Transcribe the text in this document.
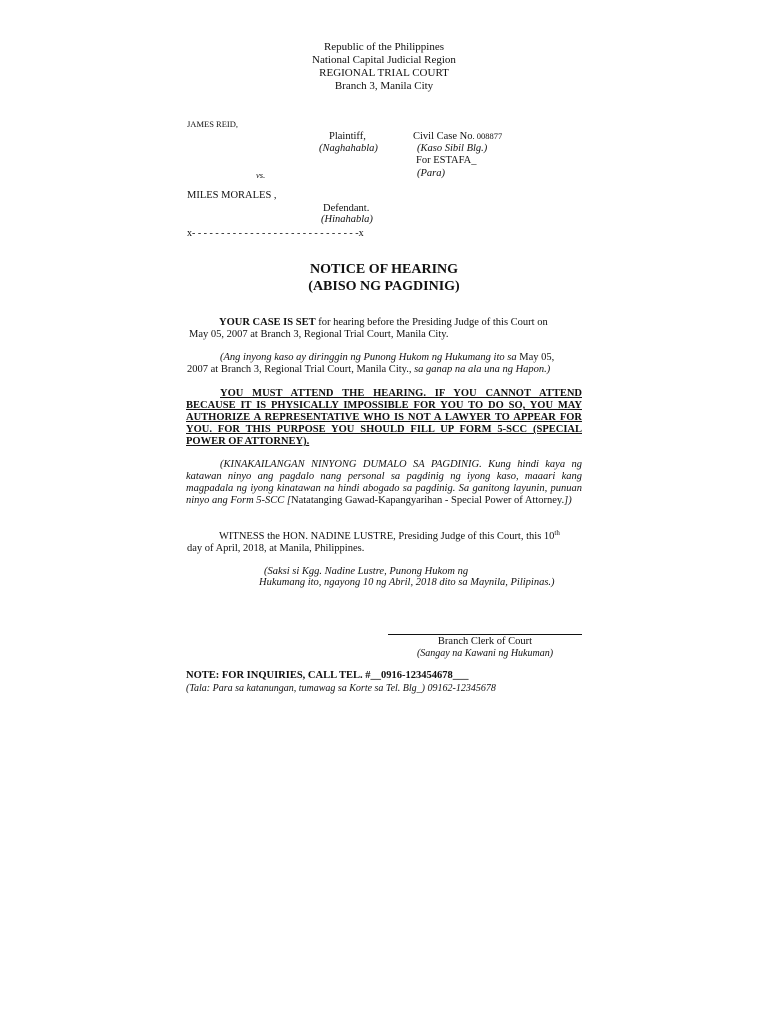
Republic of the Philippines
National Capital Judicial Region
REGIONAL TRIAL COURT
Branch 3, Manila City
JAMES REID,
Plaintiff,
(Naghahabla)
Civil Case No. 008877
(Kaso Sibil Blg.)
For ESTAFA_
(Para)
vs.
MILES MORALES ,
Defendant.
(Hinahabla)
x- - - - - - - - - - - - - - - - - - - - - - - - - - - - -x
NOTICE OF HEARING
(ABISO NG PAGDINIG)
YOUR CASE IS SET for hearing before the Presiding Judge of this Court on
May 05, 2007 at Branch 3, Regional Trial Court, Manila City.
(Ang inyong kaso ay diringgin ng Punong Hukom ng Hukumang ito sa May 05,
2007 at Branch 3, Regional Trial Court, Manila City., sa ganap na ala una ng Hapon.)
YOU MUST ATTEND THE HEARING. IF YOU CANNOT ATTEND BECAUSE IT IS PHYSICALLY IMPOSSIBLE FOR YOU TO DO SO, YOU MAY AUTHORIZE A REPRESENTATIVE WHO IS NOT A LAWYER TO APPEAR FOR YOU. FOR THIS PURPOSE YOU SHOULD FILL UP FORM 5-SCC (SPECIAL POWER OF ATTORNEY).
(KINAKAILANGAN NINYONG DUMALO SA PAGDINIG. Kung hindi kaya ng katawan ninyo ang pagdalo nang personal sa pagdinig ng iyong kaso, maaari kang magpadala ng iyong kinatawan na hindi abogado sa pagdinig. Sa ganitong layunin, punuan ninyo ang Form 5-SCC [Natatanging Gawad-Kapangyarihan - Special Power of Attorney.])
WITNESS the HON. NADINE LUSTRE, Presiding Judge of this Court, this 10th
day of April, 2018, at Manila, Philippines.
(Saksi si Kgg. Nadine Lustre, Punong Hukom ng
Hukumang ito, ngayong 10 ng Abril, 2018 dito sa Maynila, Pilipinas.)
Branch Clerk of Court
(Sangay na Kawani ng Hukuman)
NOTE: FOR INQUIRIES, CALL TEL. #__0916-123454678___
(Tala: Para sa katanungan, tumawag sa Korte sa Tel. Blg_) 09162-12345678
